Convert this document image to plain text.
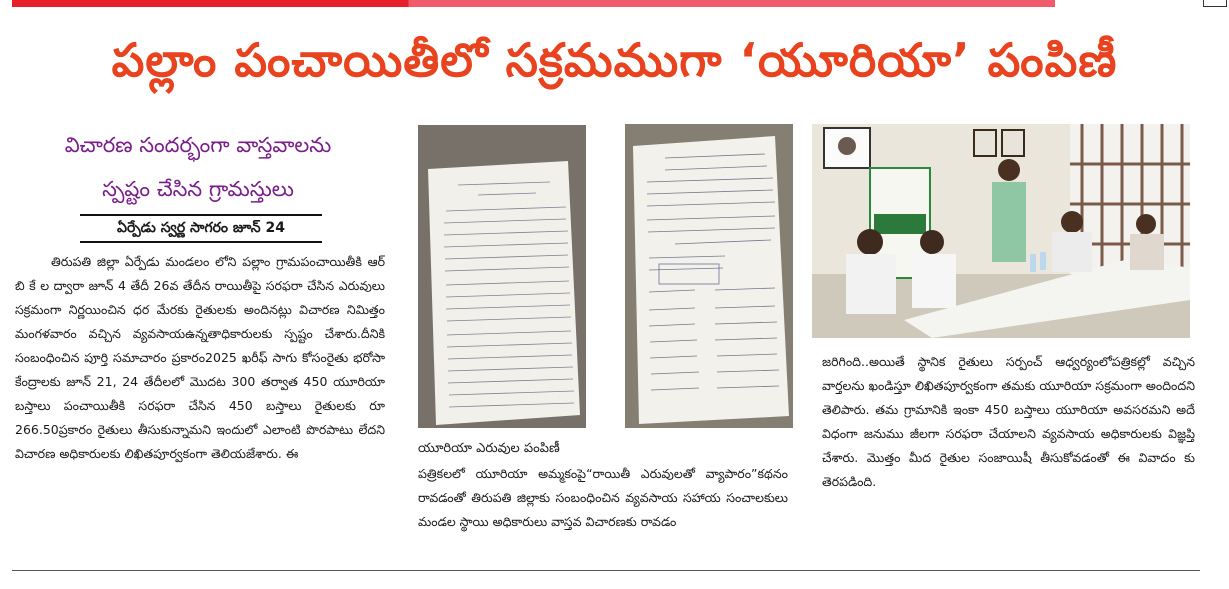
పల్లాం పంచాయితీలో సక్రమముగా ‘యూరియా’ పంపిణీ
విచారణ సందర్భంగా వాస్తవాలను
స్పష్టం చేసిన గ్రామస్తులు
ఏర్పేడు స్వర్ణ సాగరం జూన్ 24
తిరుపతి జిల్లా ఏర్పేడు మండలం లోని పల్లాం గ్రామపంచాయితీకి ఆర్ బి కే ల ద్వారా జూన్ 4 తేదీ 26వ తేదీన రాయితీపై సరఫరా చేసిన ఎరువులు సక్రమంగా నిర్ణయించిన ధర మేరకు రైతులకు అందినట్లు విచారణ నిమిత్తం మంగళవారం వచ్చిన వ్యవసాయఉన్నతాధికారులకు స్పష్టం చేశారు.దీనికి సంబంధించిన పూర్తి సమాచారం ప్రకారం2025 ఖరీఫ్ సాగు కోసంరైతు భరోసా కేంద్రాలకు జూన్ 21, 24 తేదీలలో మొదట 300 తర్వాత 450 యూరియా బస్తాలు పంచాయితీకి సరఫరా చేసిన 450 బస్తాలు రైతులకు రూ 266.50ప్రకారం రైతులు తీసుకున్నామని ఇందులో ఎలాంటి పొరపాటు లేదని విచారణ అధికారులకు లిఖితపూర్వకంగా తెలియజేశారు. ఈ	యూరియా ఎరువుల పంపిణీ
పత్రికలలో యూరియా అమ్మకంపై“రాయితీ ఎరువులతో వ్యాపారం”కథనం రావడంతో తిరుపతి జిల్లాకు సంబంధించిన వ్యవసాయ సహాయ సంచాలకులు మండల స్థాయి అధికారులు వాస్తవ విచారణకు రావడం
జరిగింది..అయితే స్థానిక రైతులు సర్పంచ్ ఆధ్వర్యంలోపత్రికల్లో వచ్చిన వార్తలను ఖండిస్తూ లిఖితపూర్వకంగా తమకు యూరియా సక్రమంగా అందిందని తెలిపారు. తమ గ్రామానికి ఇంకా 450 బస్తాలు యూరియా అవసరమని అదే విధంగా జనుము జీలగా సరఫరా చేయాలని వ్యవసాయ అధికారులకు విజ్ఞప్తి చేశారు. మొత్తం మీద రైతుల సంజాయిషీ తీసుకోవడంతో ఈ వివాదం కు తెరపడింది.
